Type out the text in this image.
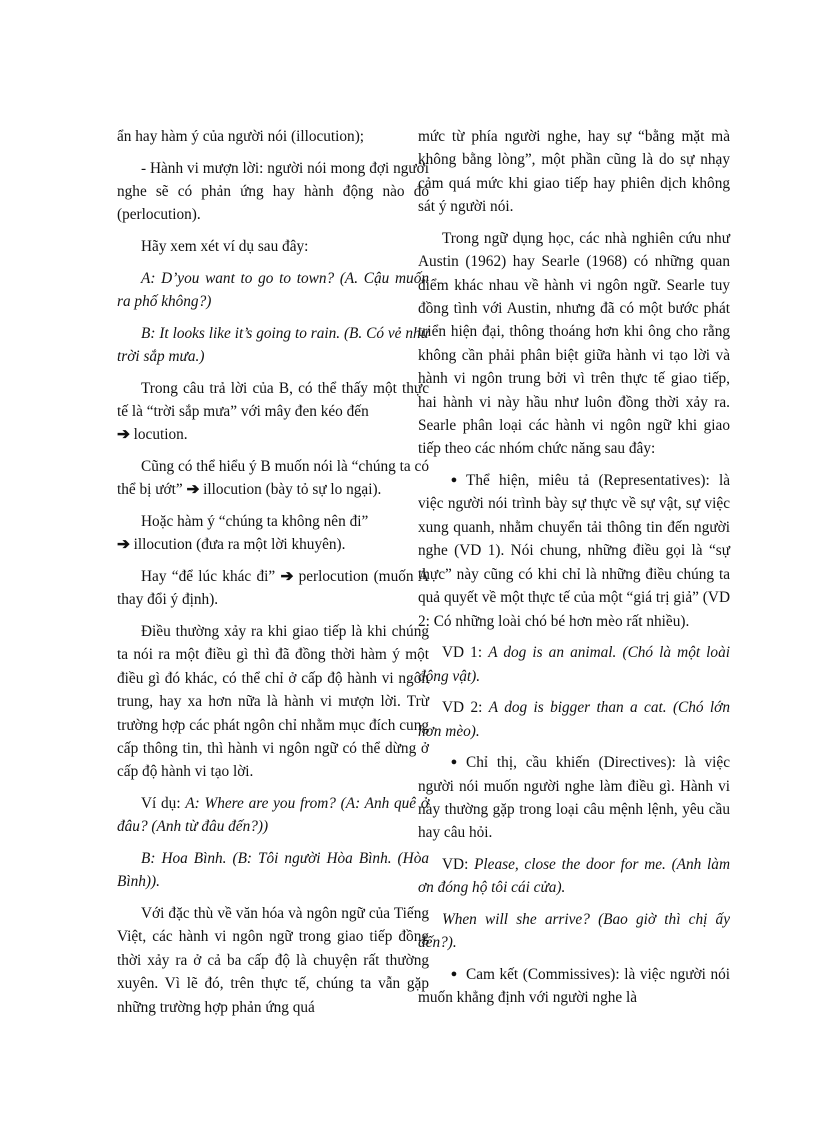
ẩn hay hàm ý của người nói (illocution);

- Hành vi mượn lời: người nói mong đợi người nghe sẽ có phản ứng hay hành động nào đó (perlocution).

Hãy xem xét ví dụ sau đây:

A: D’you want to go to town? (A. Cậu muốn ra phố không?)

B: It looks like it’s going to rain. (B. Có vẻ như trời sắp mưa.)

Trong câu trả lời của B, có thể thấy một thực tế là “trời sắp mưa” với mây đen kéo đến
➔ locution.

Cũng có thể hiểu ý B muốn nói là “chúng ta có thể bị ướt” ➔ illocution (bày tỏ sự lo ngại).

Hoặc hàm ý “chúng ta không nên đi”
➔ illocution (đưa ra một lời khuyên).

Hay “để lúc khác đi” ➔ perlocution (muốn A thay đổi ý định).

Điều thường xảy ra khi giao tiếp là khi chúng ta nói ra một điều gì thì đã đồng thời hàm ý một điều gì đó khác, có thể chỉ ở cấp độ hành vi ngôn trung, hay xa hơn nữa là hành vi mượn lời. Trừ trường hợp các phát ngôn chỉ nhằm mục đích cung cấp thông tin, thì hành vi ngôn ngữ có thể dừng ở cấp độ hành vi tạo lời.

Ví dụ: A: Where are you from? (A: Anh quê ở đâu? (Anh từ đâu đến?))

B: Hoa Bình. (B: Tôi người Hòa Bình. (Hòa Bình)).

Với đặc thù về văn hóa và ngôn ngữ của Tiếng Việt, các hành vi ngôn ngữ trong giao tiếp đồng thời xảy ra ở cả ba cấp độ là chuyện rất thường xuyên. Vì lẽ đó, trên thực tế, chúng ta vẫn gặp những trường hợp phản ứng quá

mức từ phía người nghe, hay sự “bằng mặt mà không bằng lòng”, một phần cũng là do sự nhạy cảm quá mức khi giao tiếp hay phiên dịch không sát ý người nói.

Trong ngữ dụng học, các nhà nghiên cứu như Austin (1962) hay Searle (1968) có những quan điểm khác nhau về hành vi ngôn ngữ. Searle tuy đồng tình với Austin, nhưng đã có một bước phát triển hiện đại, thông thoáng hơn khi ông cho rằng không cần phải phân biệt giữa hành vi tạo lời và hành vi ngôn trung bởi vì trên thực tế giao tiếp, hai hành vi này hầu như luôn đồng thời xảy ra. Searle phân loại các hành vi ngôn ngữ khi giao tiếp theo các nhóm chức năng sau đây:

● Thể hiện, miêu tả (Representatives): là việc người nói trình bày sự thực về sự vật, sự việc xung quanh, nhằm chuyển tải thông tin đến người nghe (VD 1). Nói chung, những điều gọi là “sự thực” này cũng có khi chỉ là những điều chúng ta quả quyết về một thực tế của một “giá trị giả” (VD 2: Có những loài chó bé hơn mèo rất nhiều).

VD 1: A dog is an animal. (Chó là một loài động vật).

VD 2: A dog is bigger than a cat. (Chó lớn hơn mèo).

● Chỉ thị, cầu khiến (Directives): là việc người nói muốn người nghe làm điều gì. Hành vi này thường gặp trong loại câu mệnh lệnh, yêu cầu hay câu hỏi.

VD: Please, close the door for me. (Anh làm ơn đóng hộ tôi cái cửa).

When will she arrive? (Bao giờ thì chị ấy đến?).

● Cam kết (Commissives): là việc người nói muốn khẳng định với người nghe là
